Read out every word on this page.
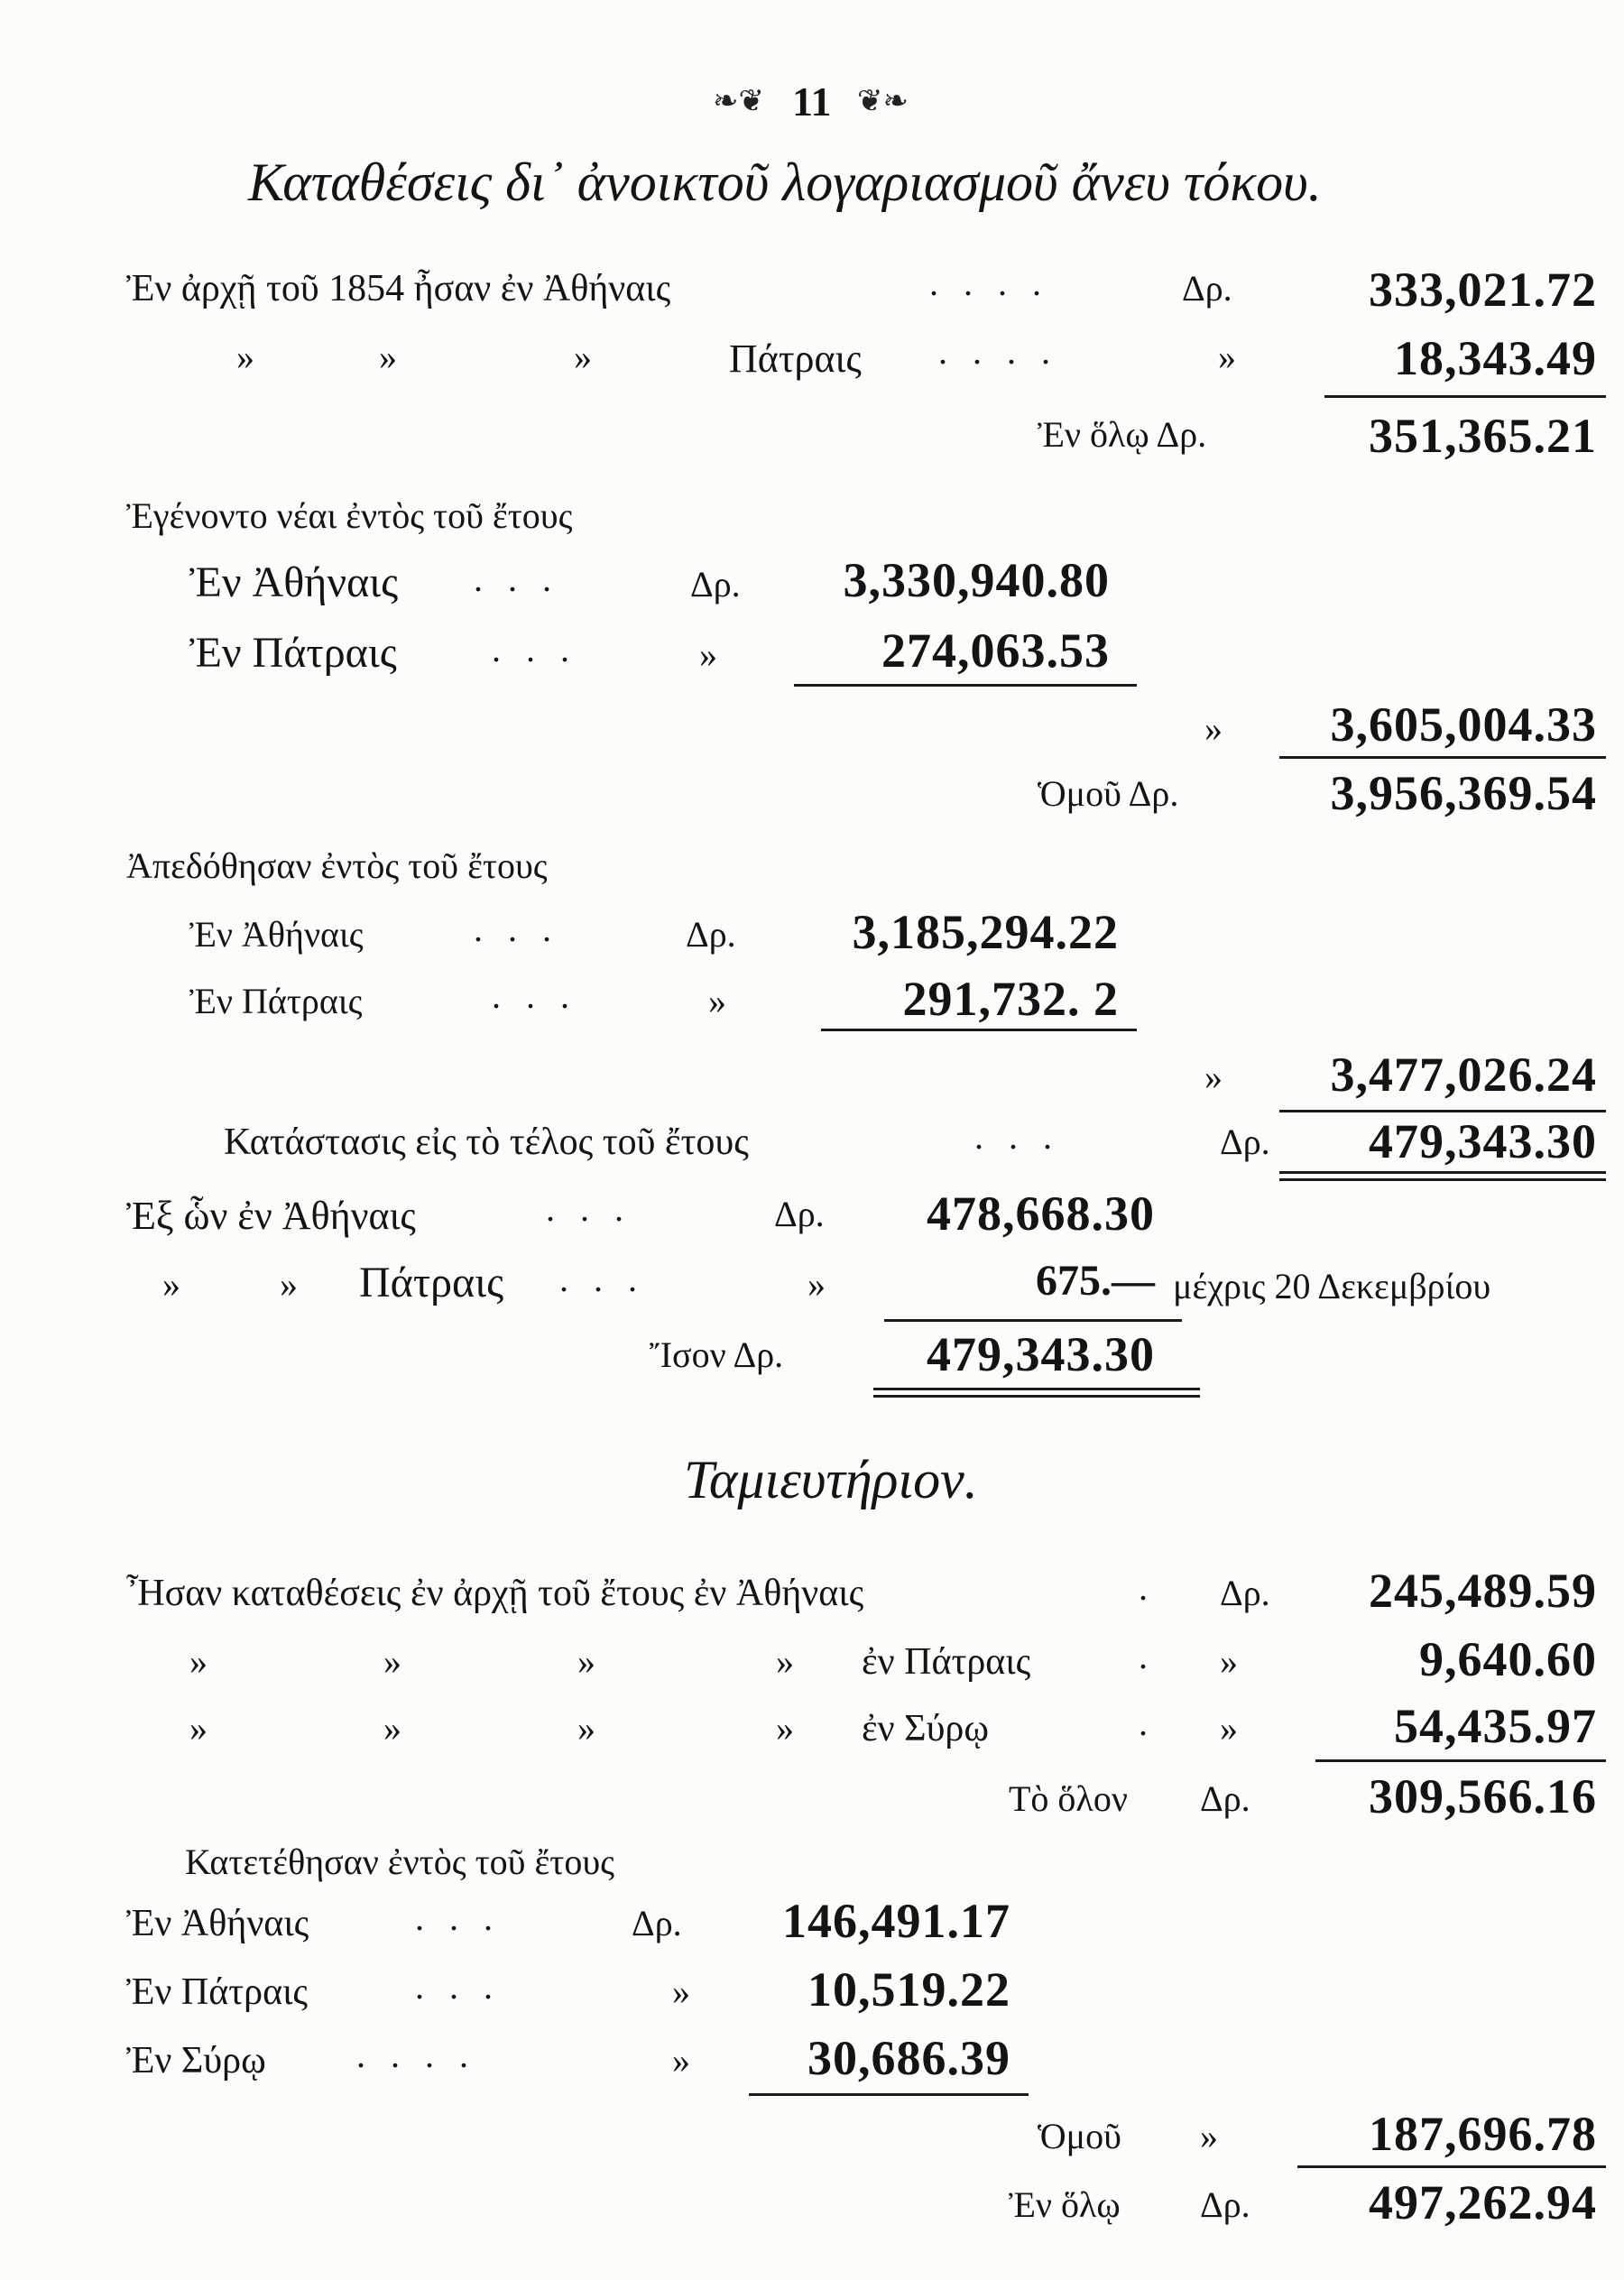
❧❦ 11 ❦❧
Καταθέσεις δι᾽ ἀνοικτοῦ λογαριασμοῦ ἄνευ τόκου.
Ἐν ἀρχῇ τοῦ 1854 ἦσαν ἐν Ἀθήναις	....	Δρ.	333,021.72
»	»	»	Πάτραις ....	»	18,343.49
Ἐν ὅλῳ Δρ.	351,365.21
Ἐγένοντο νέαι ἐντὸς τοῦ ἔτους
Ἐν Ἀθήναις ...	Δρ.	3,330,940.80
Ἐν Πάτραις	...	»	274,063.53
»	3,605,004.33
Ὁμοῦ Δρ.	3,956,369.54
Ἀπεδόθησαν ἐντὸς τοῦ ἔτους
Ἐν Ἀθήναις	...	Δρ.	3,185,294.22
Ἐν Πάτραις	...	»	291,732. 2
»	3,477,026.24
Κατάστασις εἰς τὸ τέλος τοῦ ἔτους	...	Δρ.	479,343.30
Ἐξ ὧν ἐν Ἀθήναις	...	Δρ.	478,668.30
»	» Πάτραις ...	»	675.— μέχρις 20 Δεκεμβρίου
Ἴσον Δρ.	479,343.30
Ταμιευτήριον.
Ἦσαν καταθέσεις ἐν ἀρχῇ τοῦ ἔτους ἐν Ἀθήναις	. Δρ.	245,489.59
»	»	»	» ἐν Πάτραις	. »	9,640.60
»	»	»	» ἐν Σύρῳ	. »	54,435.97
Τὸ ὅλον Δρ.	309,566.16
Κατετέθησαν ἐντὸς τοῦ ἔτους
Ἐν Ἀθήναις	...	Δρ.	146,491.17
Ἐν Πάτραις	...	»	10,519.22
Ἐν Σύρῳ	....	»	30,686.39
Ὁμοῦ »	187,696.78
Ἐν ὅλῳ Δρ.	497,262.94
